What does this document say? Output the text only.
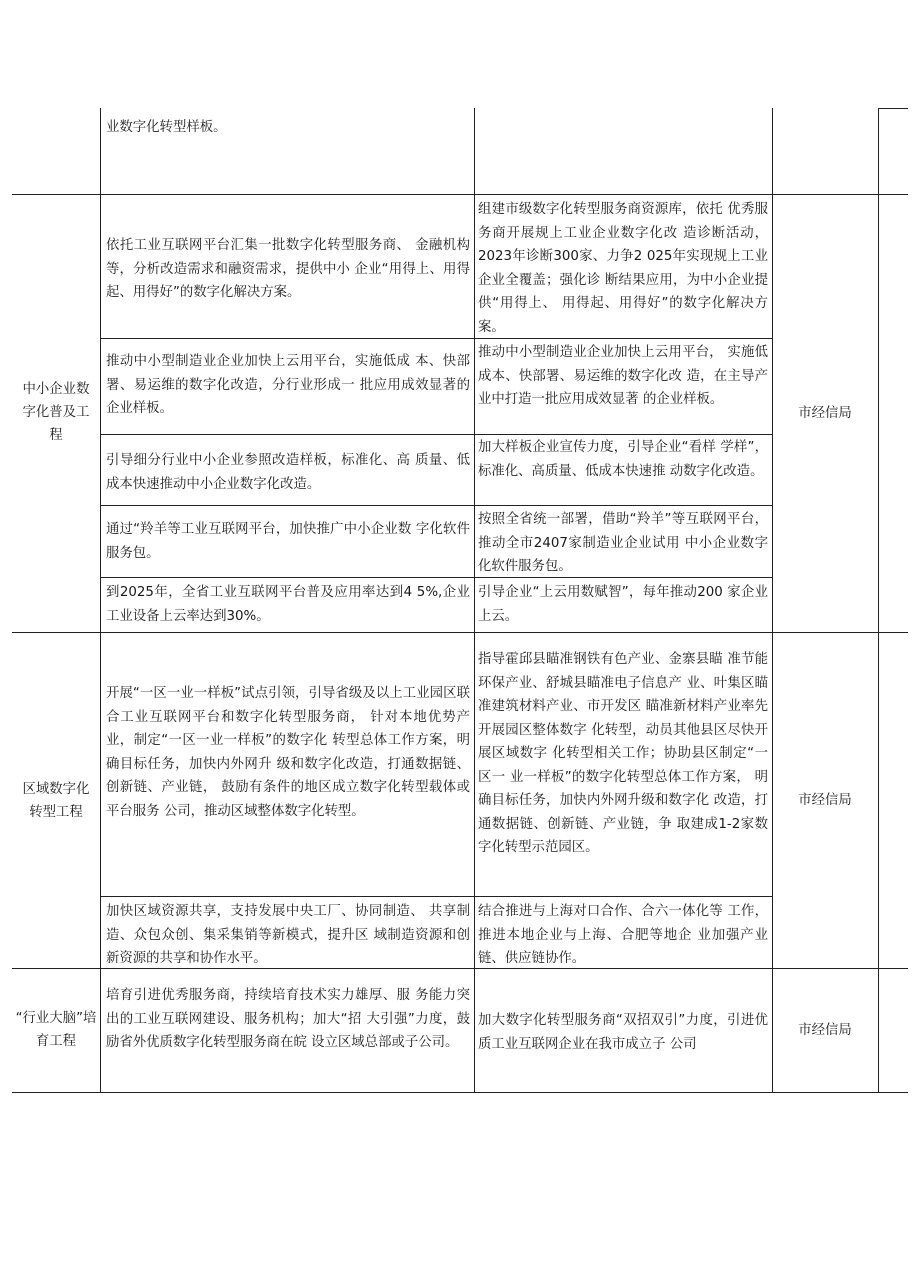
业数字化转型样板。
中小企业数字化普及工程
市经信局
依托工业互联网平台汇集一批数字化转型服务商、 金融机构等，分析改造需求和融资需求，提供中小 企业“用得上、用得起、用得好”的数字化解决方案。
组建市级数字化转型服务商资源库，依托 优秀服务商开展规上工业企业数字化改 造诊断活动，2023年诊断300家、力争2 025年实现规上工业企业全覆盖；强化诊 断结果应用，为中小企业提供“用得上、 用得起、用得好”的数字化解决方案。
推动中小型制造业企业加快上云用平台，实施低成 本、快部署、易运维的数字化改造，分行业形成一 批应用成效显著的企业样板。
推动中小型制造业企业加快上云用平台， 实施低成本、快部署、易运维的数字化改 造，在主导产业中打造一批应用成效显著 的企业样板。
引导细分行业中小企业参照改造样板，标准化、高 质量、低成本快速推动中小企业数字化改造。
加大样板企业宣传力度，引导企业“看样 学样”，标准化、高质量、低成本快速推 动数字化改造。
通过“羚羊等工业互联网平台，加快推广中小企业数 字化软件服务包。
按照全省统一部署，借助“羚羊”等互联网平台，推动全市2407家制造业企业试用 中小企业数字化软件服务包。
到2025年，全省工业互联网平台普及应用率达到4 5%,企业工业设备上云率达到30%。
引导企业“上云用数赋智”，每年推动200 家企业上云。
区域数字化转型工程
市经信局
开展“一区一业一样板”试点引领，引导省级及以上工业园区联合工业互联网平台和数字化转型服务商， 针对本地优势产业，制定“一区一业一样板”的数字化 转型总体工作方案，明确目标任务，加快内外网升 级和数字化改造，打通数据链、创新链、产业链， 鼓励有条件的地区成立数字化转型载体或平台服务 公司，推动区域整体数字化转型。
指导霍邱县瞄准钢铁有色产业、金寨县瞄 准节能环保产业、舒城县瞄准电子信息产 业、叶集区瞄准建筑材料产业、市开发区 瞄准新材料产业率先开展园区整体数字 化转型，动员其他县区尽快开展区域数字 化转型相关工作；协助县区制定“一区一 业一样板”的数字化转型总体工作方案， 明确目标任务，加快内外网升级和数字化 改造，打通数据链、创新链、产业链，争 取建成1-2家数字化转型示范园区。
加快区域资源共享，支持发展中央工厂、协同制造、 共享制造、众包众创、集采集销等新模式，提升区 域制造资源和创新资源的共享和协作水平。
结合推进与上海对口合作、合六一体化等 工作，推进本地企业与上海、合肥等地企 业加强产业链、供应链协作。
“行业大脑”培育工程
市经信局
培育引进优秀服务商，持续培育技术实力雄厚、服 务能力突出的工业互联网建设、服务机构；加大“招 大引强”力度，鼓励省外优质数字化转型服务商在皖 设立区域总部或子公司。
加大数字化转型服务商“双招双引”力度，引进优质工业互联网企业在我市成立子 公司
